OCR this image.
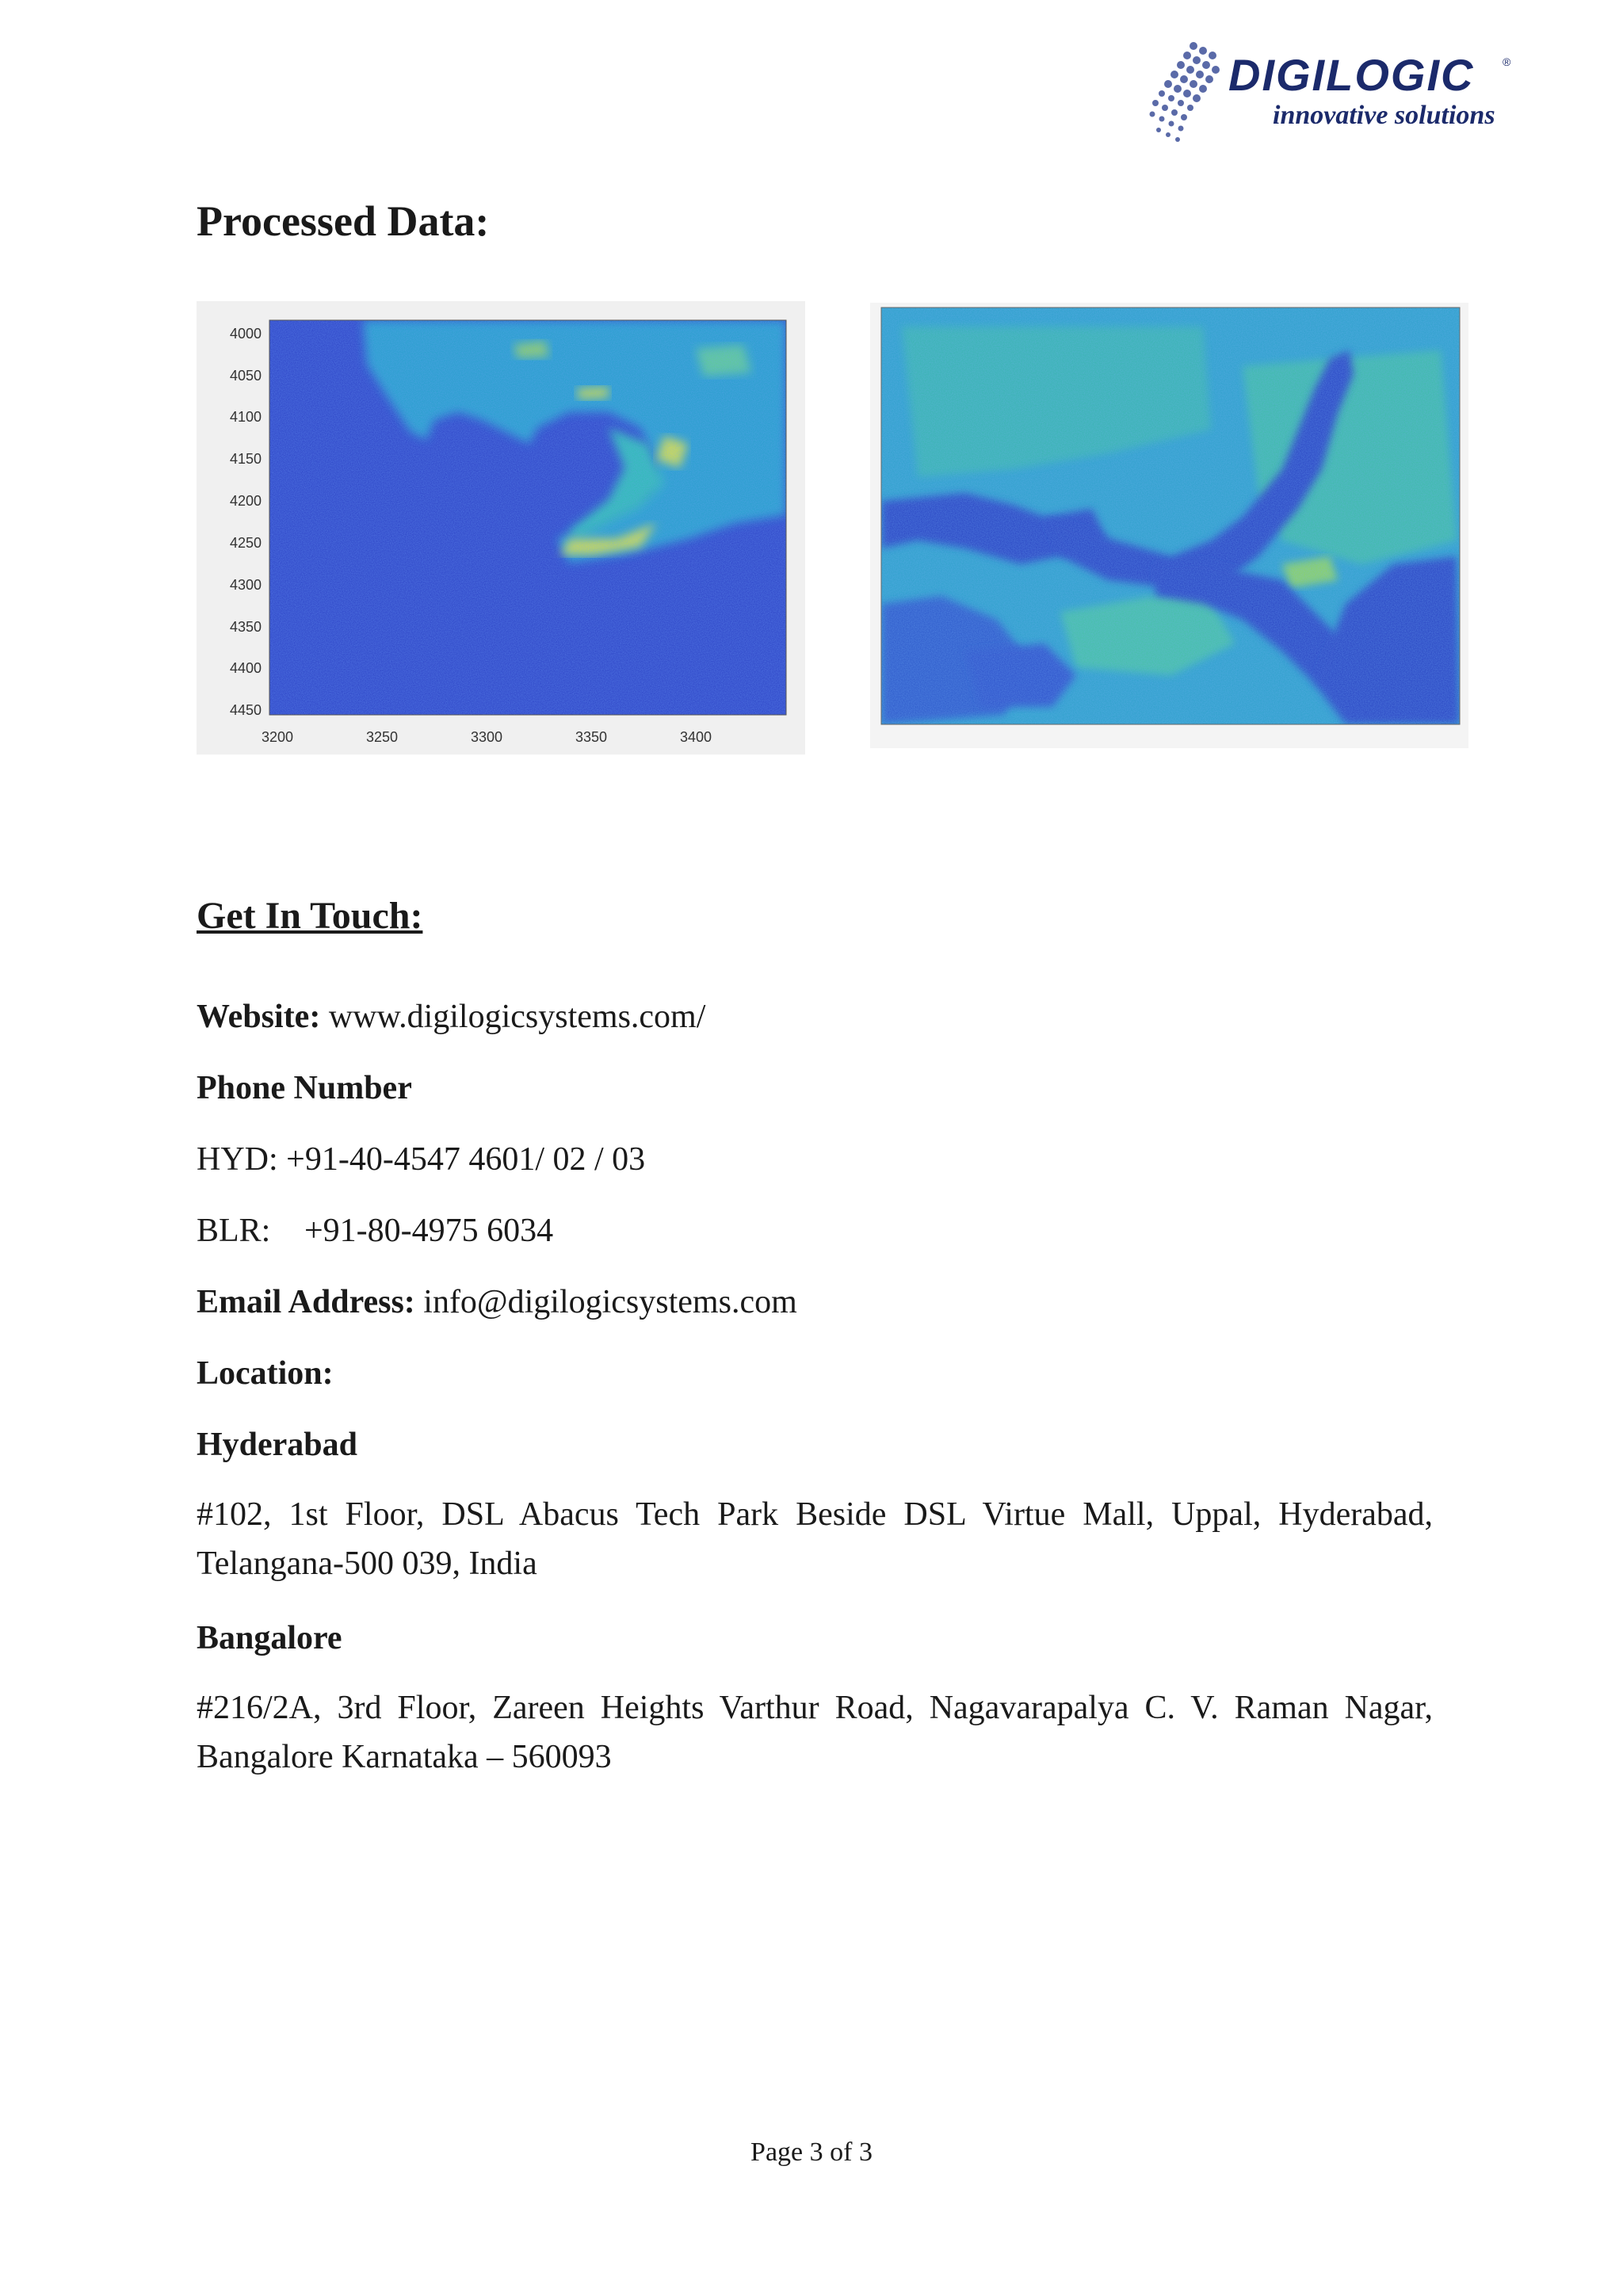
DIGILOGIC	®
innovative solutions
Processed Data:
4000
4050
4100
4150
4200
4250
4300
4350
4400
4450
3200	3250	3300	3350	3400
Get In Touch:

Website: www.digilogicsystems.com/

Phone Number

HYD: +91-40-4547 4601/ 02 / 03

BLR: +91-80-4975 6034

Email Address: info@digilogicsystems.com

Location:

Hyderabad

#102, 1st Floor, DSL Abacus Tech Park Beside DSL Virtue Mall, Uppal, Hyderabad, Telangana-500 039, India

Bangalore

#216/2A, 3rd Floor, Zareen Heights Varthur Road, Nagavarapalya C. V. Raman Nagar, Bangalore Karnataka – 560093

Page 3 of 3
